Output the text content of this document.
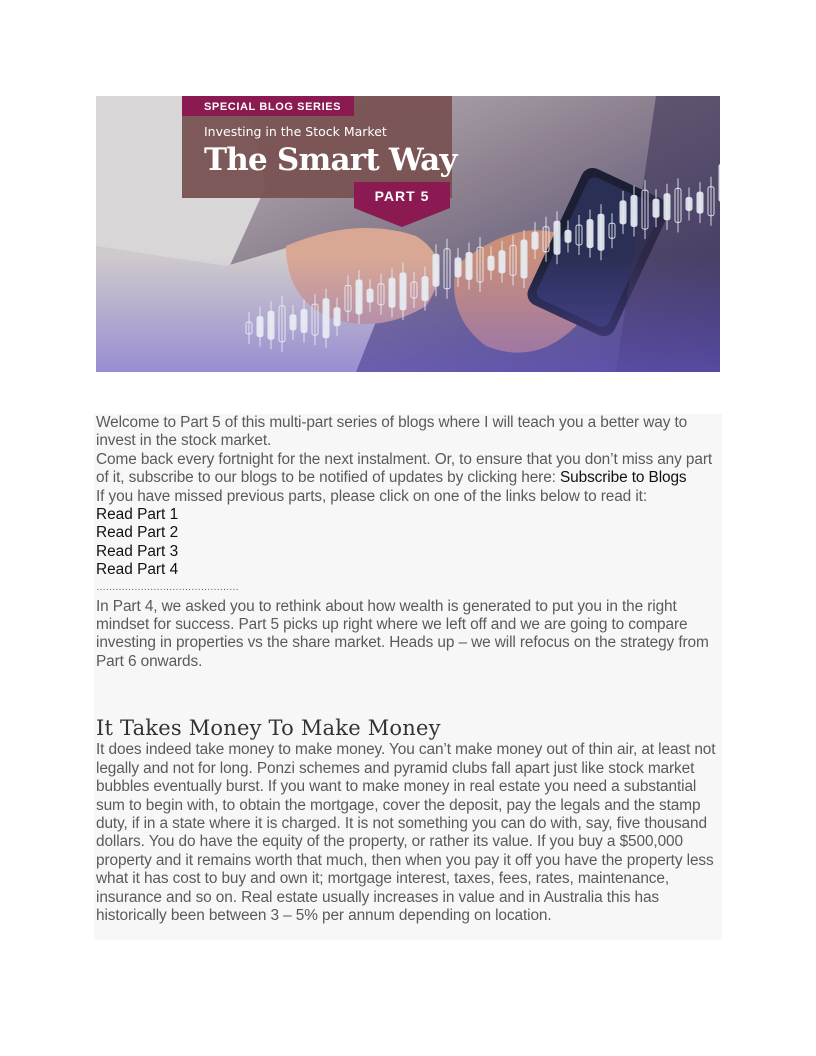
SPECIAL BLOG SERIES
Investing in the Stock Market
The Smart Way
PART 5

Welcome to Part 5 of this multi-part series of blogs where I will teach you a better way to invest in the stock market.

Come back every fortnight for the next instalment. Or, to ensure that you don’t miss any part of it, subscribe to our blogs to be notified of updates by clicking here: Subscribe to Blogs

If you have missed previous parts, please click on one of the links below to read it:

Read Part 1
Read Part 2
Read Part 3
Read Part 4
………………………………………

In Part 4, we asked you to rethink about how wealth is generated to put you in the right mindset for success. Part 5 picks up right where we left off and we are going to compare investing in properties vs the share market. Heads up – we will refocus on the strategy from Part 6 onwards.

It Takes Money To Make Money

It does indeed take money to make money. You can’t make money out of thin air, at least not legally and not for long. Ponzi schemes and pyramid clubs fall apart just like stock market bubbles eventually burst. If you want to make money in real estate you need a substantial sum to begin with, to obtain the mortgage, cover the deposit, pay the legals and the stamp duty, if in a state where it is charged. It is not something you can do with, say, five thousand dollars. You do have the equity of the property, or rather its value. If you buy a $500,000 property and it remains worth that much, then when you pay it off you have the property less what it has cost to buy and own it; mortgage interest, taxes, fees, rates, maintenance, insurance and so on. Real estate usually increases in value and in Australia this has historically been between 3 – 5% per annum depending on location.
